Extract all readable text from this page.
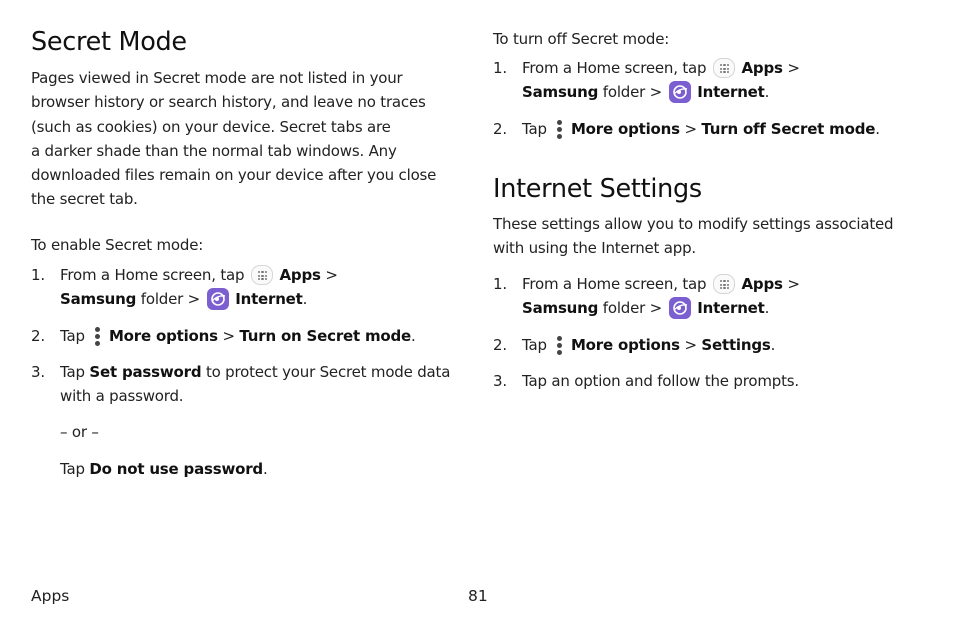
Secret Mode

Pages viewed in Secret mode are not listed in your

browser history or search history, and leave no traces

(such as cookies) on your device. Secret tabs are

a darker shade than the normal tab windows. Any

downloaded files remain on your device after you close

the secret tab.

To enable Secret mode:

1. From a Home screen, tap Apps >
Samsung folder > Internet.
2. Tap More options > Turn on Secret mode.
3. Tap Set password to protect your Secret mode data
with a password.

– or –

Tap Do not use password.

To turn off Secret mode:

1. From a Home screen, tap Apps >
Samsung folder > Internet.
2. Tap More options > Turn off Secret mode.
Internet Settings

These settings allow you to modify settings associated

with using the Internet app.

1. From a Home screen, tap Apps >
Samsung folder > Internet.
2. Tap More options > Settings.
3. Tap an option and follow the prompts.
Apps	81
